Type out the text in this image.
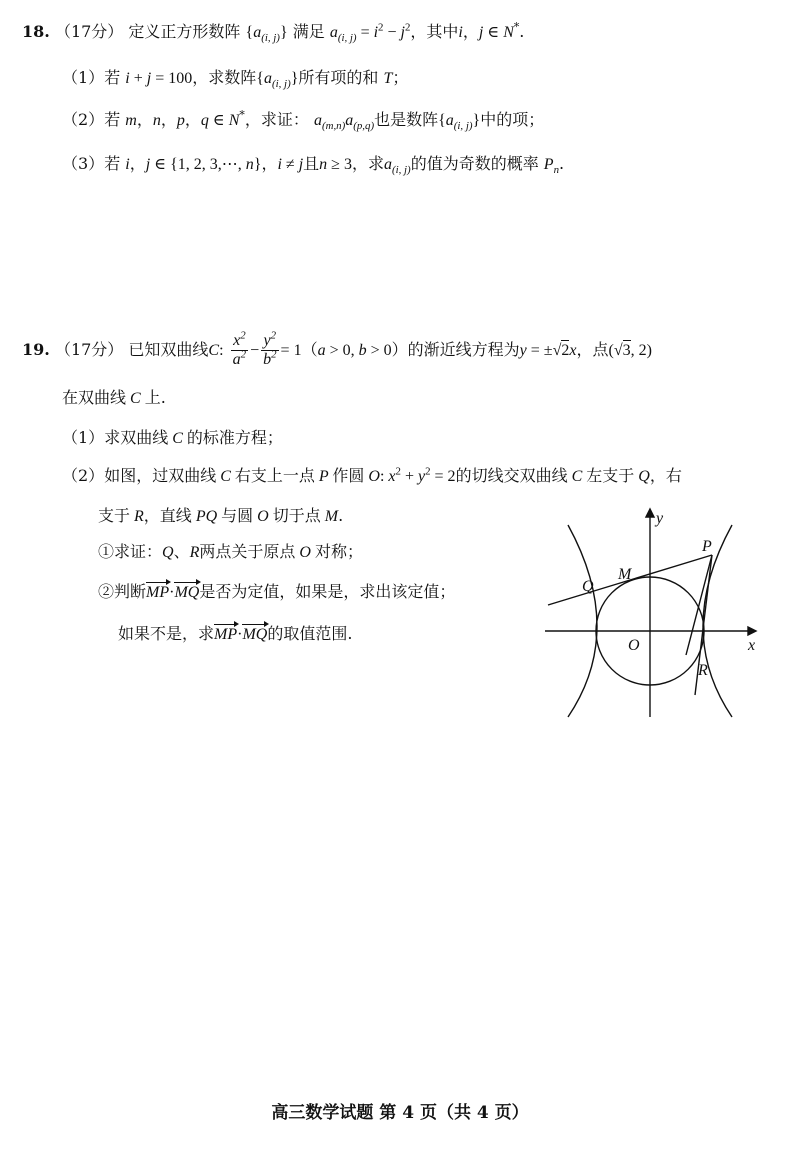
18. （17分） 定义正方形数阵 $\{a_{(i, j)}\}$ 满足 $a_{(i, j)} = i^2 - j^2$，其中i，j ∈ N*.
（1）若 i + j = 100，求数阵$\{a_{(i, j)}\}$所有项的和 T；
（2）若 m，n，p，q ∈ N*，求证： $a_{(m,n)}a_{(p,q)}$也是数阵$\{a_{(i, j)}\}$中的项；
（3）若 i，j ∈ {1, 2, 3,⋯, n}，i ≠ j且n ≥ 3，求$a_{(i, j)}$的值为奇数的概率 $P_n$.
19. （17分） 已知双曲线C: $\frac{x^2}{a^2} - \frac{y^2}{b^2} = 1(a > 0$, b > 0）的渐近线方程为y = ±√2x，点(√3, 2)
在双曲线 C 上.
（1）求双曲线 C 的标准方程；
（2）如图，过双曲线 C 右支上一点 P 作圆 O: $x^2 + y^2 = 2$的切线交双曲线 C 左支于 Q，右
支于 R，直线 PQ 与圆 O 切于点 M.
①求证：Q、R两点关于原点 O 对称；
②判断MP·MQ是否为定值，如果是，求出该定值；
如果不是，求MP·MQ的取值范围.
x
y
O
P
Q
M
R
高三数学试题 第 4 页（共 4 页）
